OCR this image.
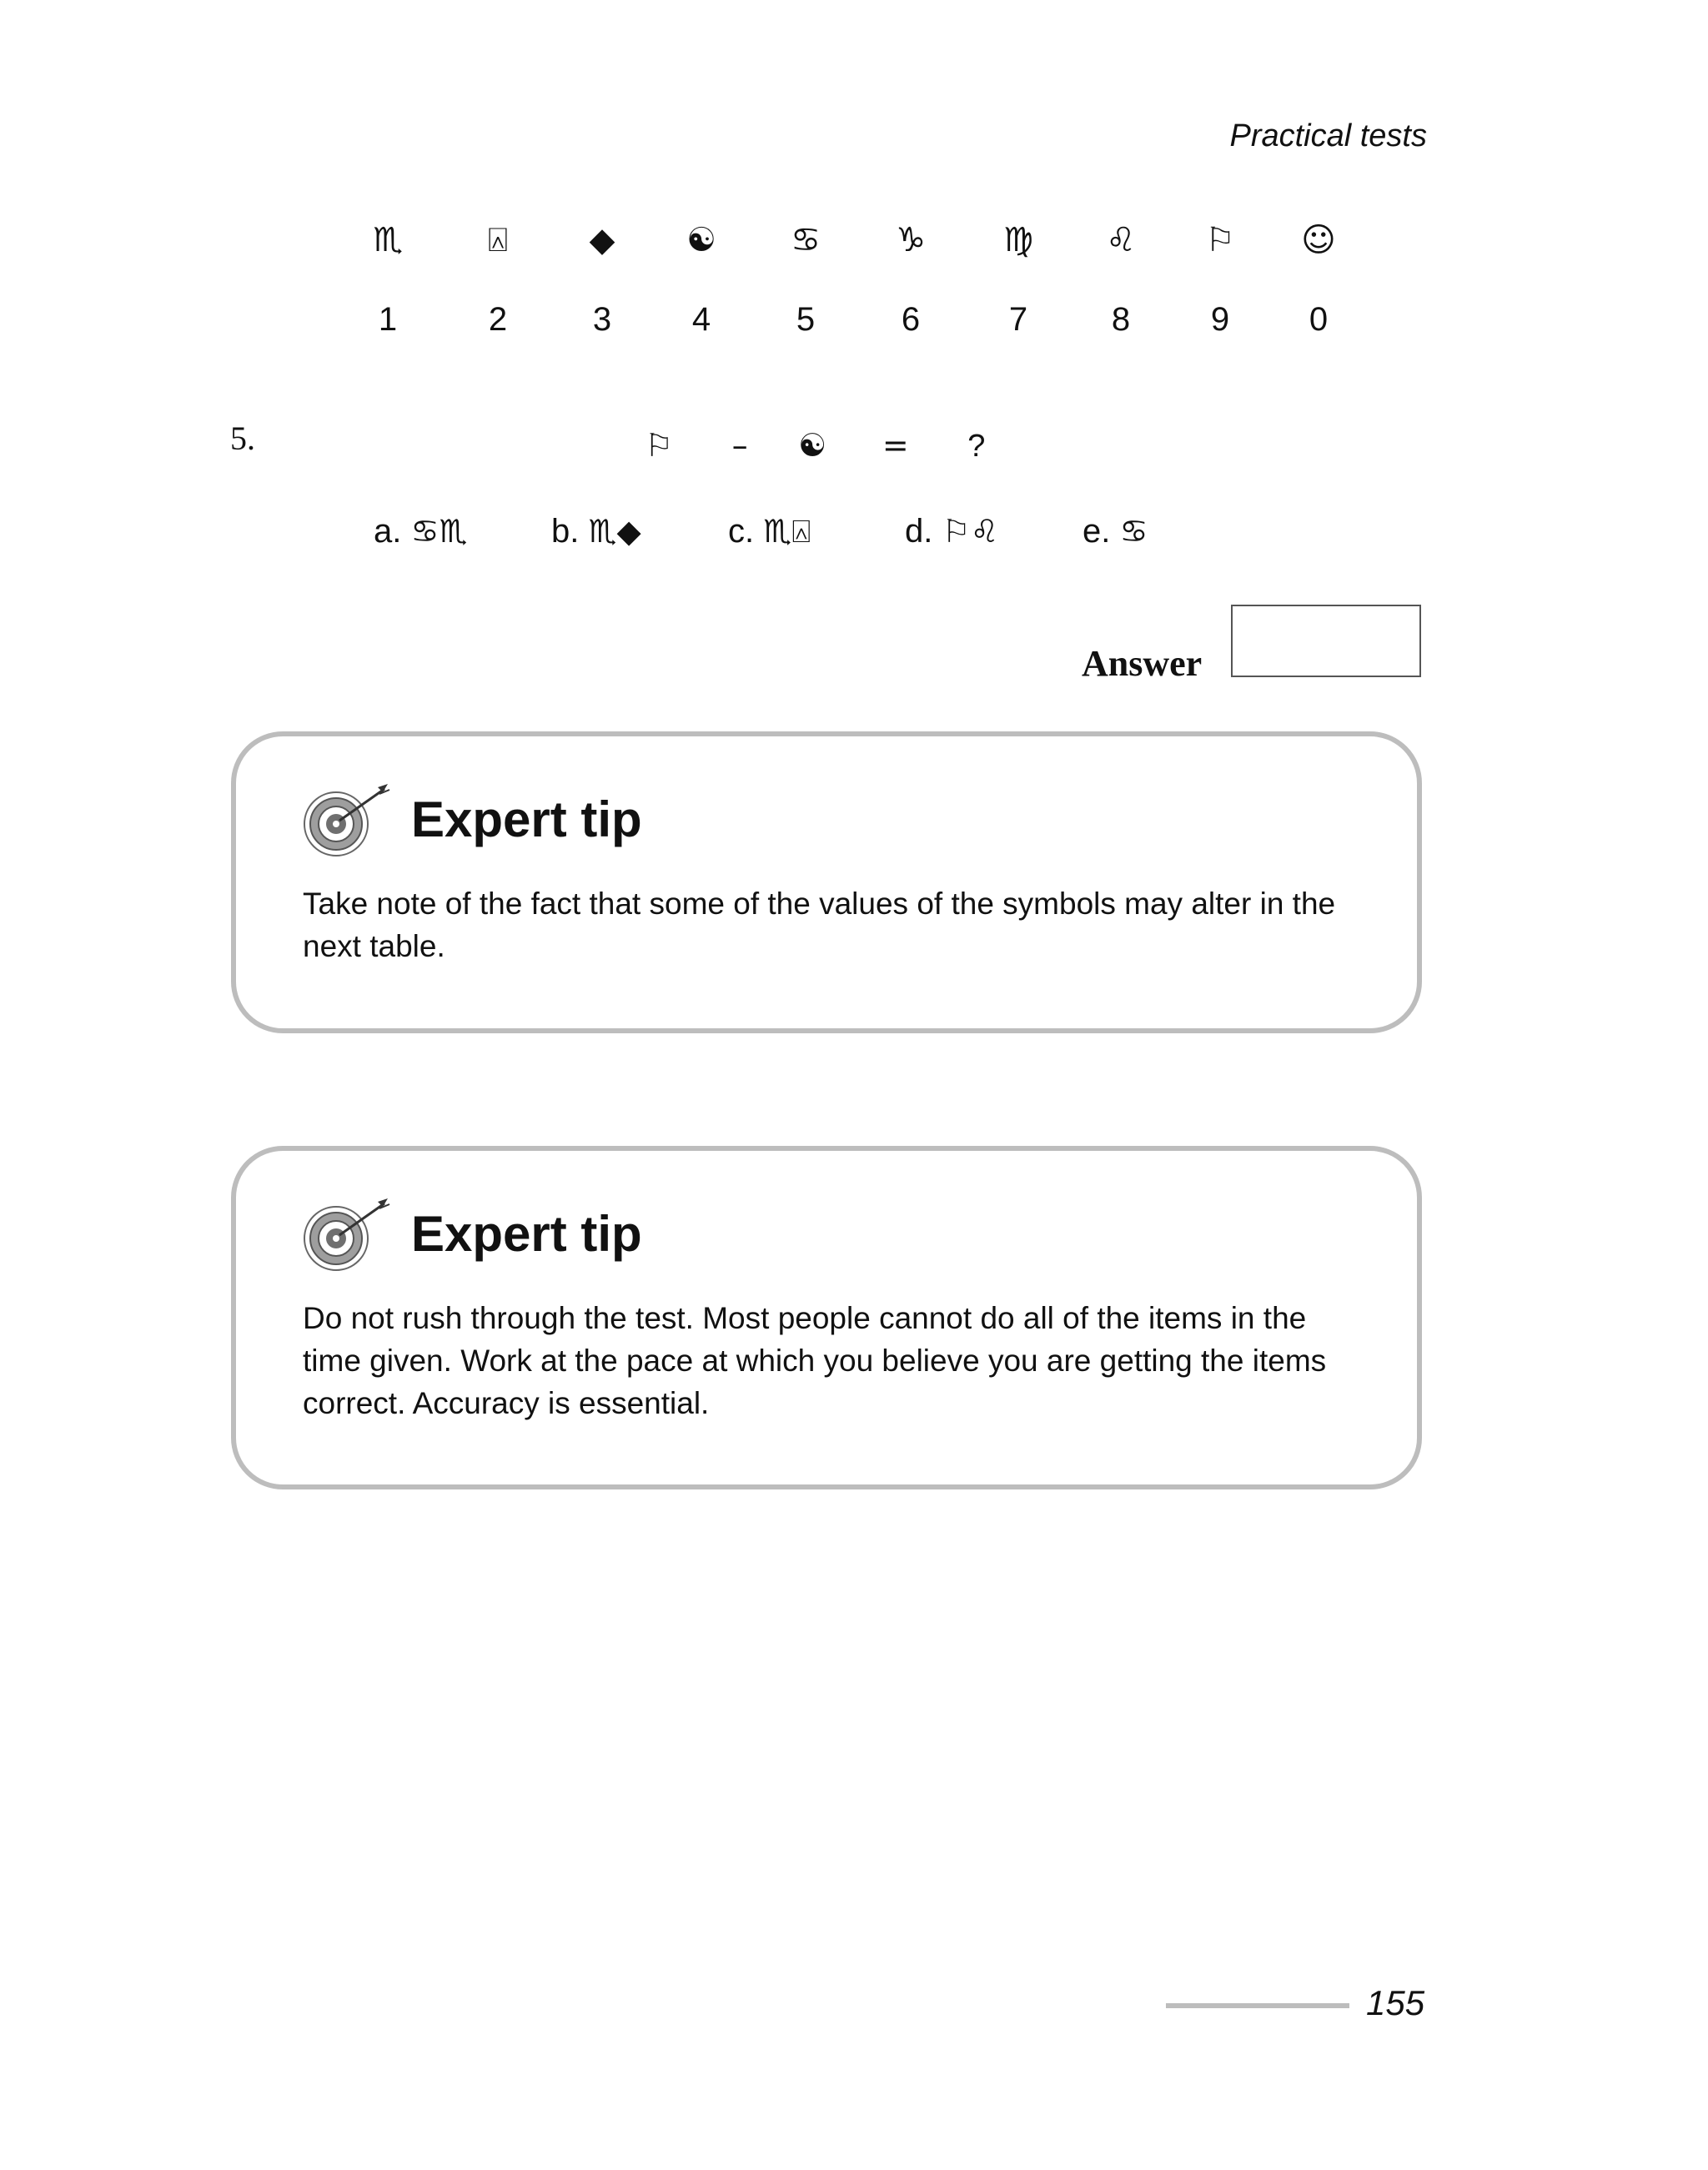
Practical tests
♏	⍓	◆	☯	♋	♑	♍	♌	⚐	☺
1	2	3	4	5	6	7	8	9	0
5.	⚐ – ☯ = ?
a. ♋♏	b. ♏◆	c. ♏⍓	d. ⚐♌	e. ♋
Answer
Expert tip
Take note of the fact that some of the values of the symbols may alter in the next table.
Expert tip
Do not rush through the test. Most people cannot do all of the items in the time given. Work at the pace at which you believe you are getting the items correct. Accuracy is essential.
155
